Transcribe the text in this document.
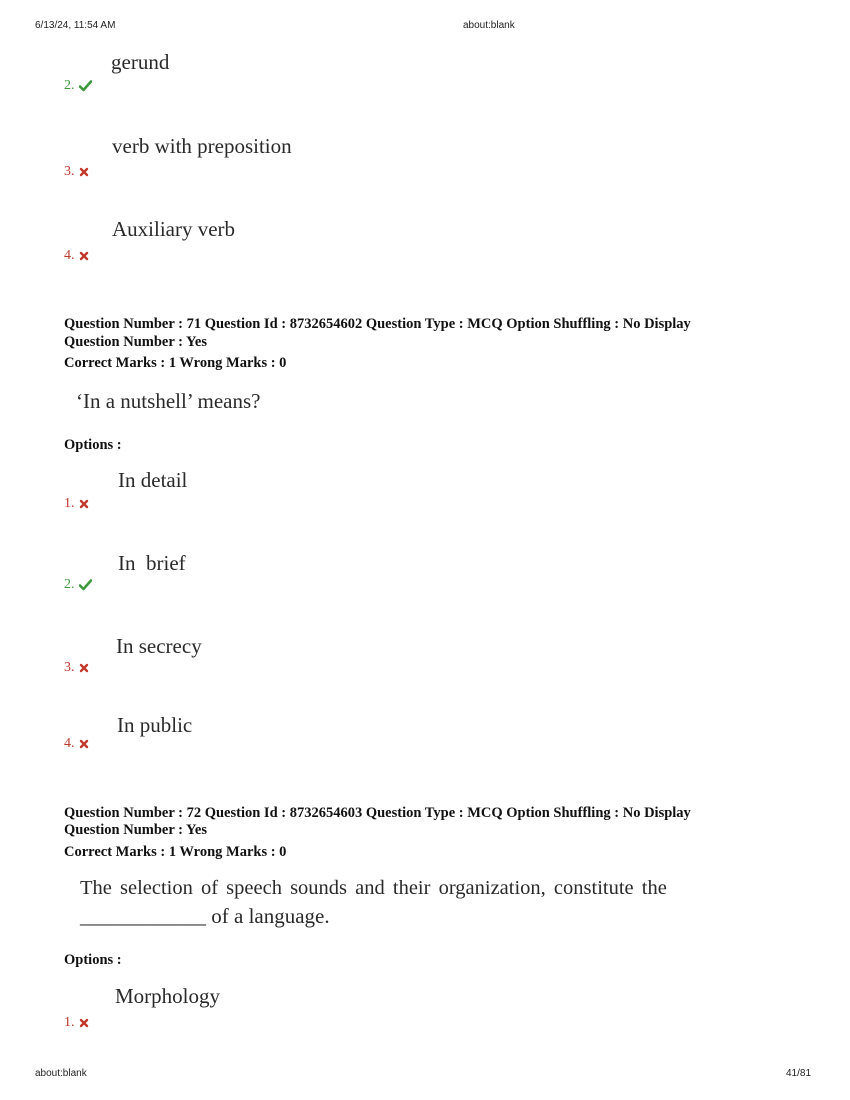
6/13/24, 11:54 AM	about:blank
gerund
2.
verb with preposition
3.
Auxiliary verb
4.
Question Number : 71 Question Id : 8732654602 Question Type : MCQ Option Shuffling : No Display
Question Number : Yes
Correct Marks : 1 Wrong Marks : 0
‘In a nutshell’ means?
Options :
In detail
1.
In  brief
2.
In secrecy
3.
In public
4.
Question Number : 72 Question Id : 8732654603 Question Type : MCQ Option Shuffling : No Display
Question Number : Yes
Correct Marks : 1 Wrong Marks : 0
The selection of speech sounds and their organization, constitute the
____________ of a language.
Options :
Morphology
1.
about:blank	41/81
